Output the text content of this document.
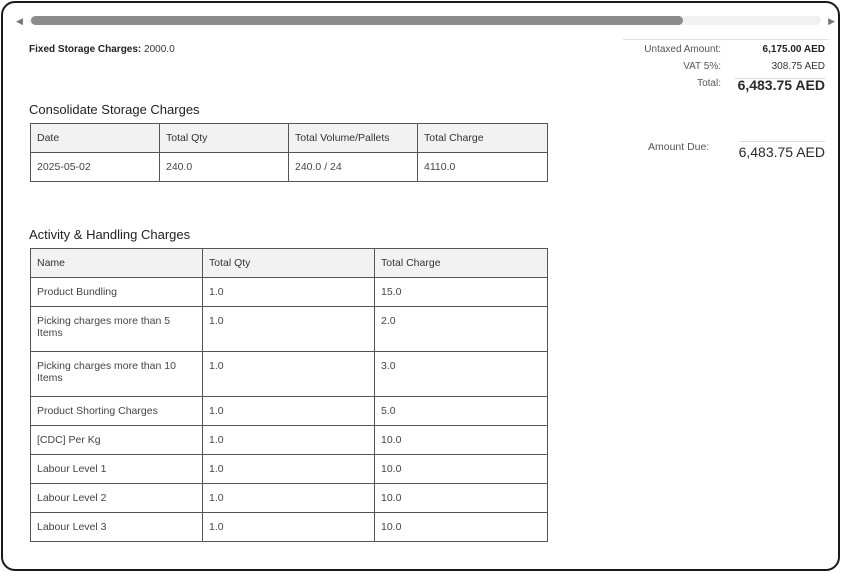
◀	▶
Fixed Storage Charges: 2000.0
Consolidate Storage Charges
Date	Total Qty	Total Volume/Pallets	Total Charge
2025-05-02	240.0	240.0 / 24	4110.0
Activity & Handling Charges
Name	Total Qty	Total Charge
Product Bundling	1.0	15.0
Picking charges more than 5 Items	1.0	2.0
Picking charges more than 10 Items	1.0	3.0
Product Shorting Charges	1.0	5.0
[CDC] Per Kg	1.0	10.0
Labour Level 1	1.0	10.0
Labour Level 2	1.0	10.0
Labour Level 3	1.0	10.0
Untaxed Amount:	6,175.00 AED
VAT 5%:	308.75 AED
Total: 6,483.75 AED
Amount Due: 6,483.75 AED
